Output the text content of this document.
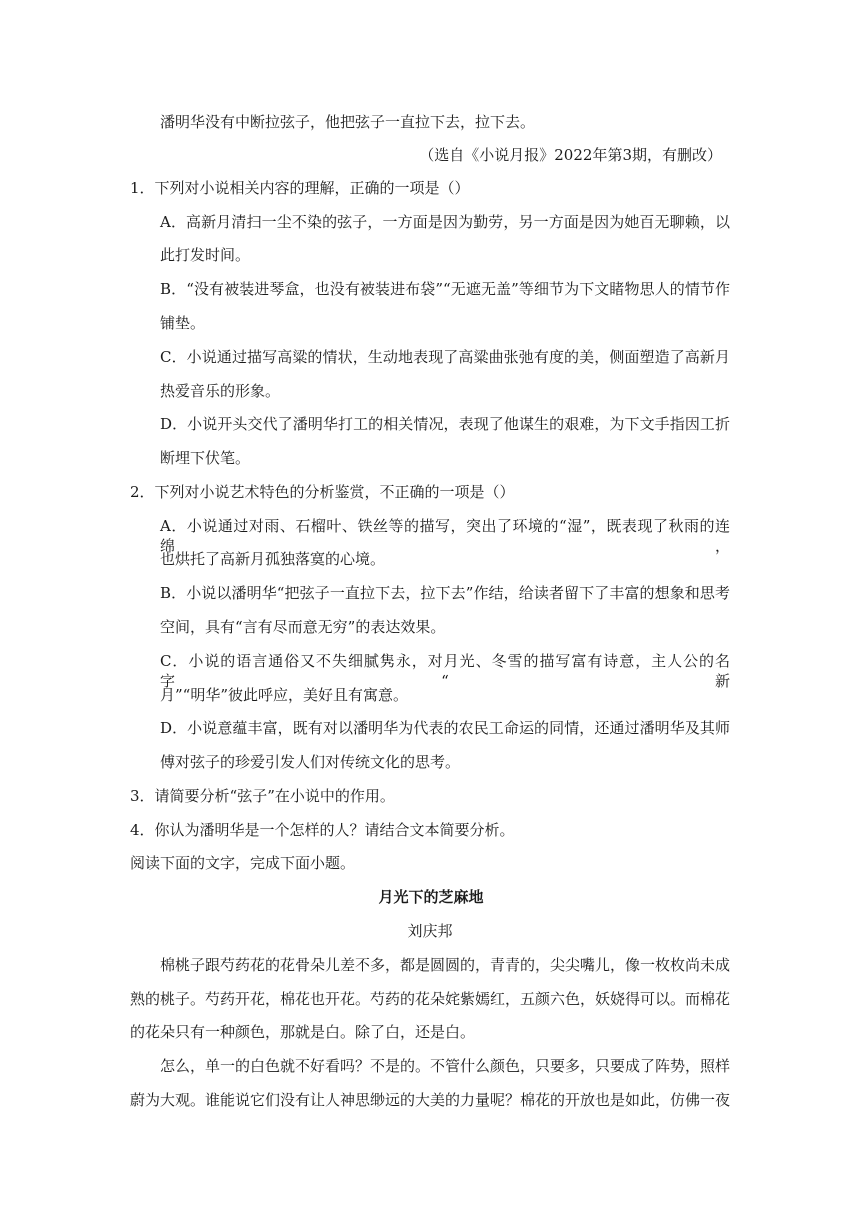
潘明华没有中断拉弦子，他把弦子一直拉下去，拉下去。
（选自《小说月报》2022年第3期，有删改）
1．下列对小说相关内容的理解，正确的一项是（）
A．高新月清扫一尘不染的弦子，一方面是因为勤劳，另一方面是因为她百无聊赖，以
此打发时间。
B．“没有被装进琴盒，也没有被装进布袋”“无遮无盖”等细节为下文睹物思人的情节作
铺垫。
C．小说通过描写高粱的情状，生动地表现了高粱曲张弛有度的美，侧面塑造了高新月
热爱音乐的形象。
D．小说开头交代了潘明华打工的相关情况，表现了他谋生的艰难，为下文手指因工折
断埋下伏笔。
2．下列对小说艺术特色的分析鉴赏，不正确的一项是（）
A．小说通过对雨、石榴叶、铁丝等的描写，突出了环境的“湿”，既表现了秋雨的连绵，
也烘托了高新月孤独落寞的心境。
B．小说以潘明华“把弦子一直拉下去，拉下去”作结，给读者留下了丰富的想象和思考
空间，具有“言有尽而意无穷”的表达效果。
C．小说的语言通俗又不失细腻隽永，对月光、冬雪的描写富有诗意，主人公的名字“新
月”“明华”彼此呼应，美好且有寓意。
D．小说意蕴丰富，既有对以潘明华为代表的农民工命运的同情，还通过潘明华及其师
傅对弦子的珍爱引发人们对传统文化的思考。
3．请简要分析“弦子”在小说中的作用。
4．你认为潘明华是一个怎样的人？请结合文本简要分析。
阅读下面的文字，完成下面小题。
月光下的芝麻地
刘庆邦
棉桃子跟芍药花的花骨朵儿差不多，都是圆圆的，青青的，尖尖嘴儿，像一枚枚尚未成
熟的桃子。芍药开花，棉花也开花。芍药的花朵姹紫嫣红，五颜六色，妖娆得可以。而棉花
的花朵只有一种颜色，那就是白。除了白，还是白。
怎么，单一的白色就不好看吗？不是的。不管什么颜色，只要多，只要成了阵势，照样
蔚为大观。谁能说它们没有让人神思缈远的大美的力量呢？棉花的开放也是如此，仿佛一夜
